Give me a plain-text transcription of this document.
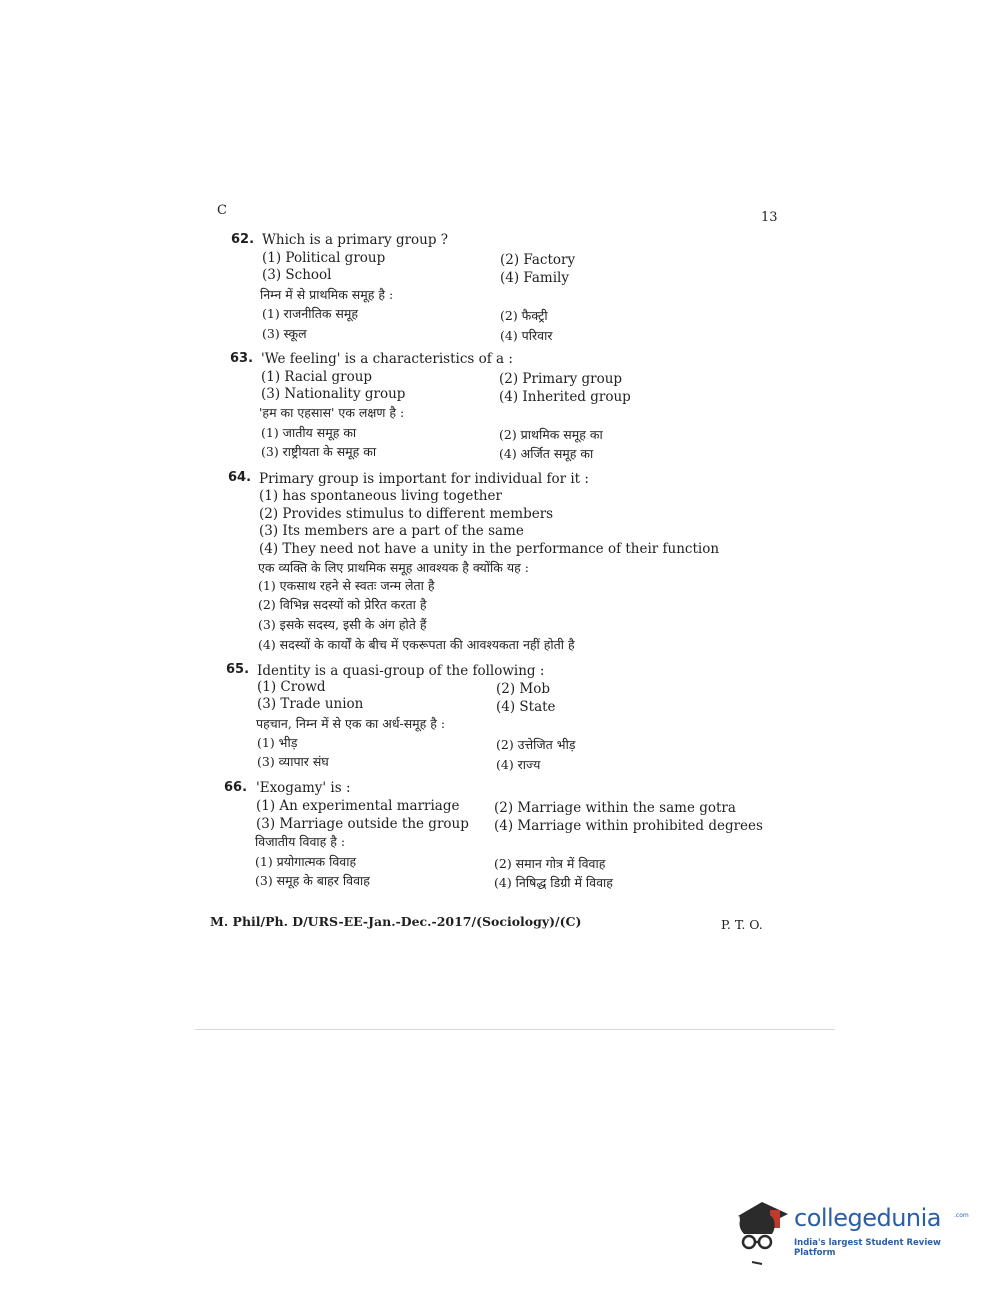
C	13
62. Which is a primary group ?
(1) Political group	(2) Factory
(3) School	(4) Family
निम्न में से प्राथमिक समूह है :
(1) राजनीतिक समूह	(2) फैक्ट्री
(3) स्कूल	(4) परिवार
63. 'We feeling' is a characteristics of a :
(1) Racial group	(2) Primary group
(3) Nationality group	(4) Inherited group
'हम का एहसास' एक लक्षण है :
(1) जातीय समूह का	(2) प्राथमिक समूह का
(3) राष्ट्रीयता के समूह का	(4) अर्जित समूह का
64. Primary group is important for individual for it :
(1) has spontaneous living together
(2) Provides stimulus to different members
(3) Its members are a part of the same
(4) They need not have a unity in the performance of their function
एक व्यक्ति के लिए प्राथमिक समूह आवश्यक है क्योंकि यह :
(1) एकसाथ रहने से स्वतः जन्म लेता है
(2) विभिन्न सदस्यों को प्रेरित करता है
(3) इसके सदस्य, इसी के अंग होते हैं
(4) सदस्यों के कार्यों के बीच में एकरूपता की आवश्यकता नहीं होती है
65. Identity is a quasi-group of the following :
(1) Crowd	(2) Mob
(3) Trade union	(4) State
पहचान, निम्न में से एक का अर्ध-समूह है :
(1) भीड़	(2) उत्तेजित भीड़
(3) व्यापार संघ	(4) राज्य
66. 'Exogamy' is :
(1) An experimental marriage	(2) Marriage within the same gotra
(3) Marriage outside the group (4) Marriage within prohibited degrees
विजातीय विवाह है :
(1) प्रयोगात्मक विवाह	(2) समान गोत्र में विवाह
(3) समूह के बाहर विवाह	(4) निषिद्ध डिग्री में विवाह
M. Phil/Ph. D/URS-EE-Jan.-Dec.-2017/(Sociology)/(C)	P. T. O.
collegedunia .com
India's largest Student Review Platform
